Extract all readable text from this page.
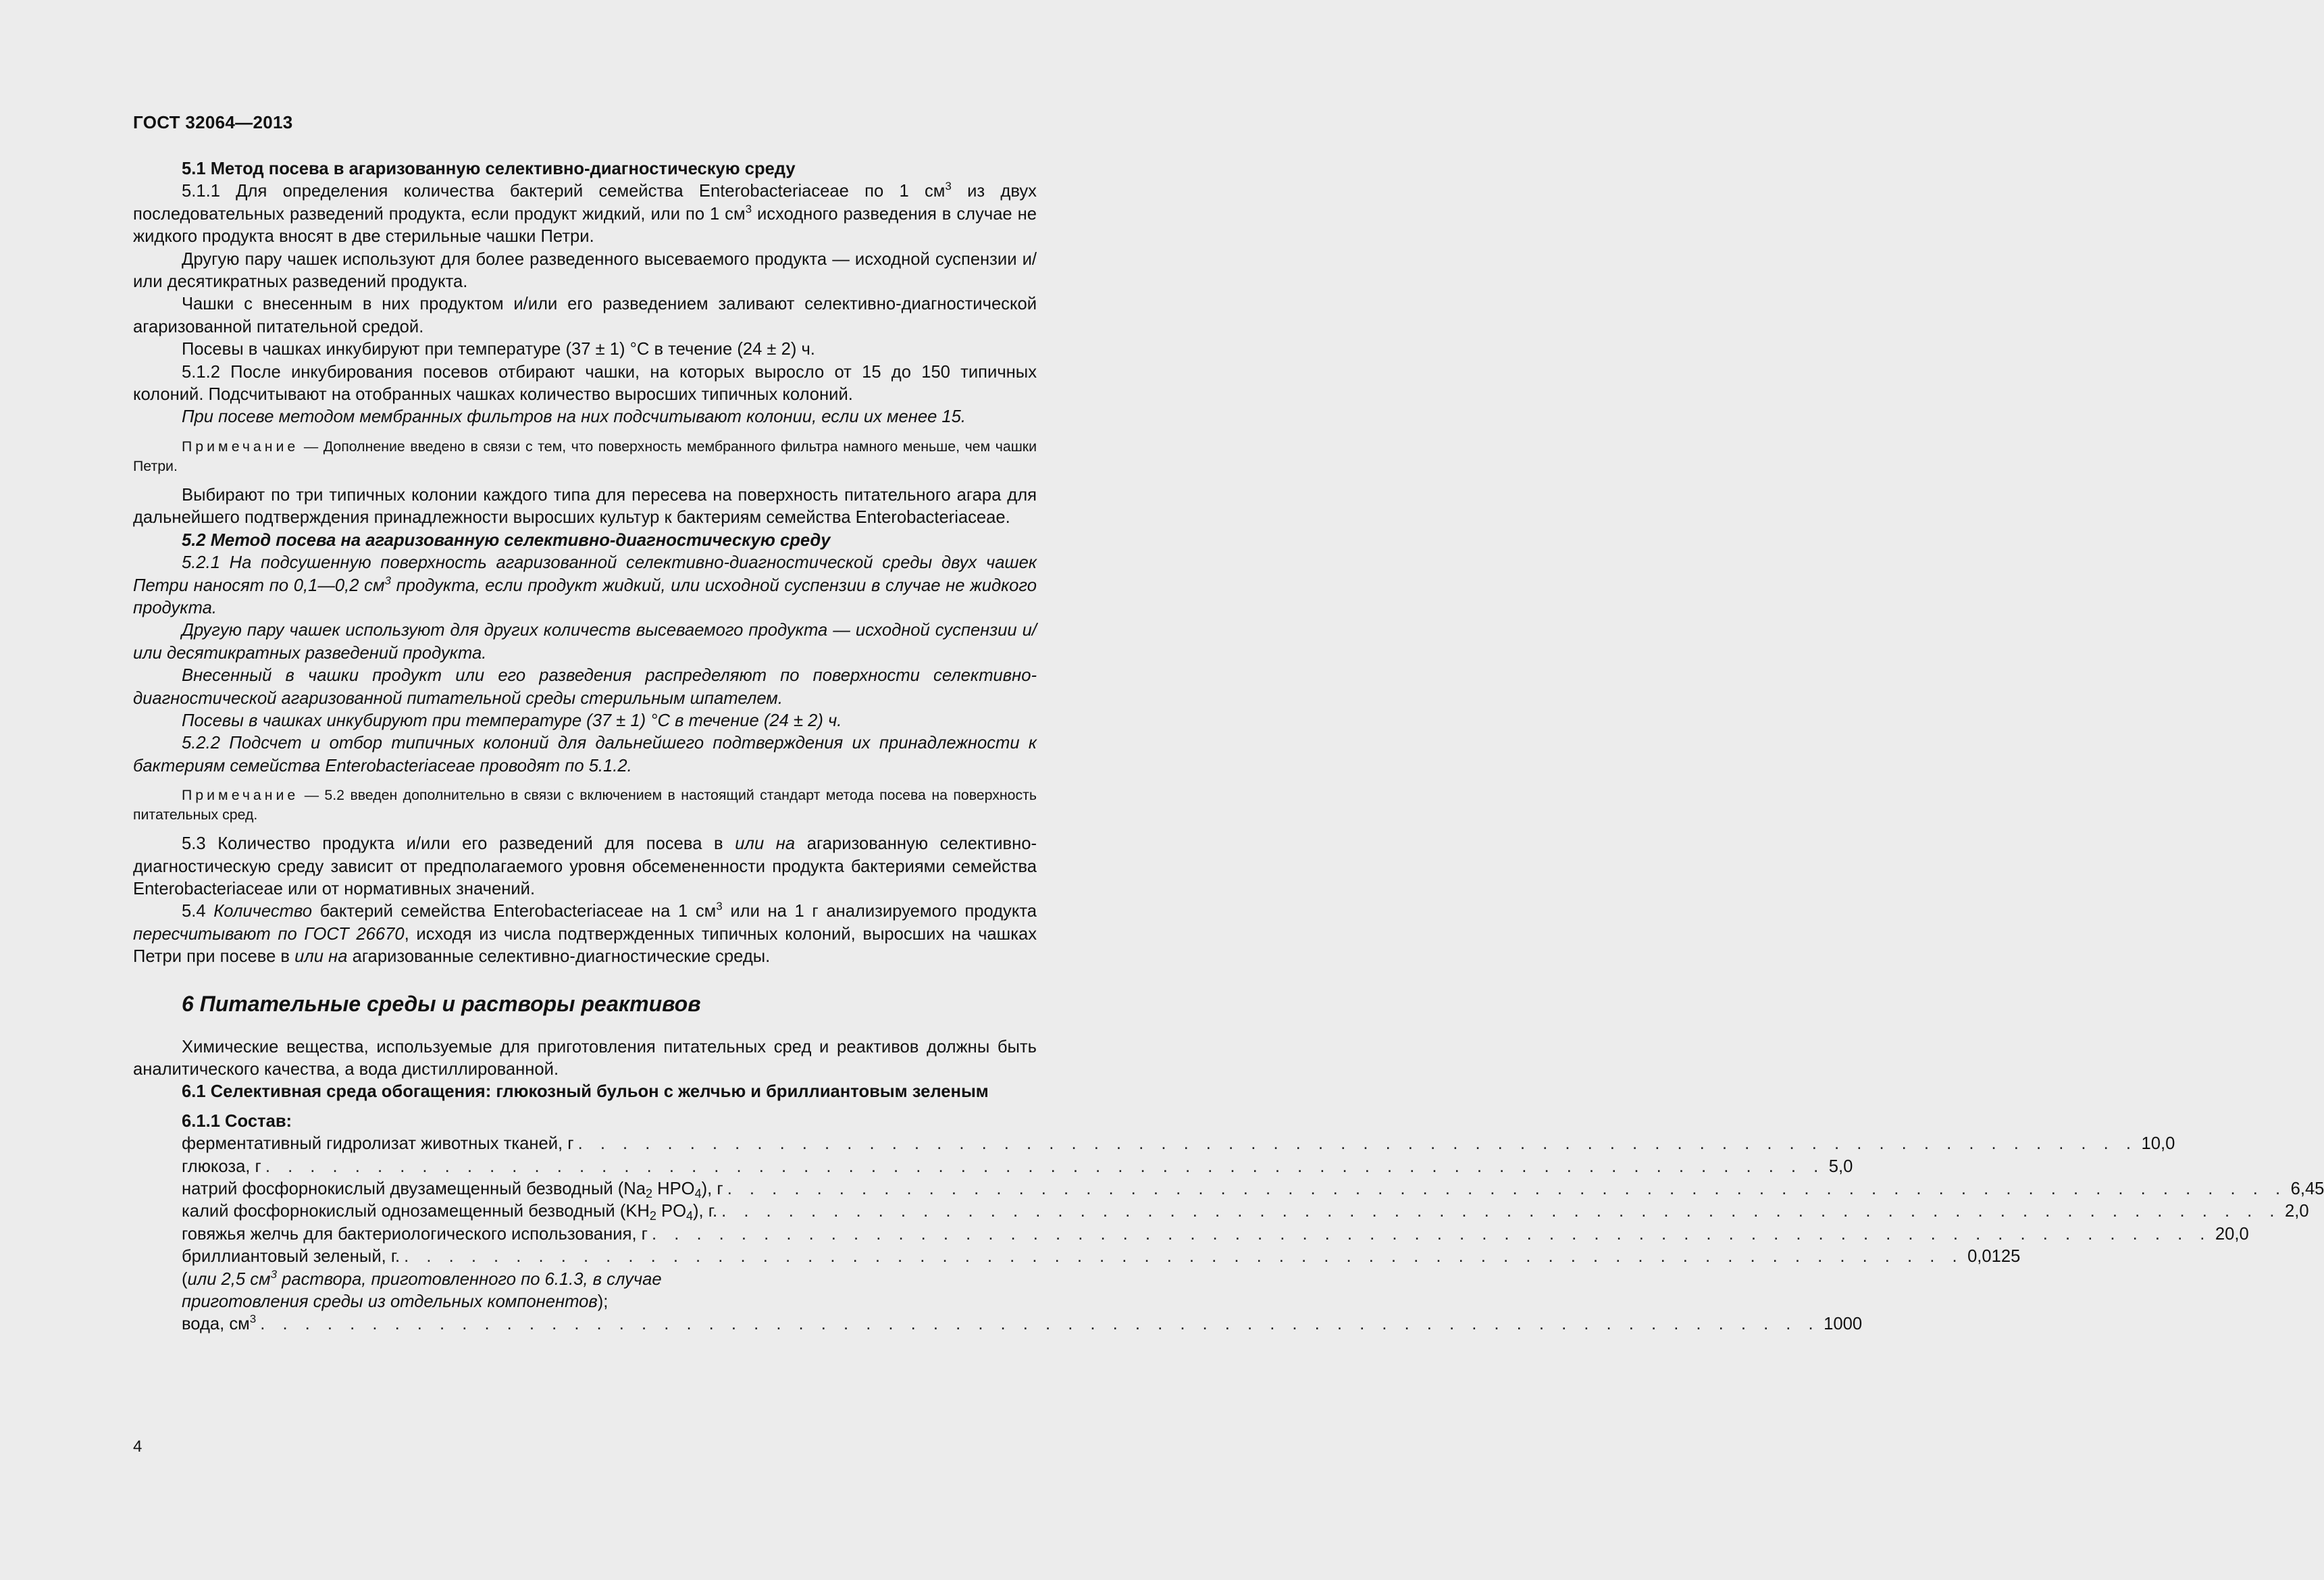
ГОСТ 32064—2013

5.1 Метод посева в агаризованную селективно-диагностическую среду

5.1.1 Для определения количества бактерий семейства Enterobacteriaceae по 1 $см^3$ из двух последовательных разведений продукта, если продукт жидкий, или по 1 $см^3$ исходного разведения в случае не жидкого продукта вносят в две стерильные чашки Петри.

Другую пару чашек используют для более разведенного высеваемого продукта — исходной суспензии и/или десятикратных разведений продукта.

Чашки с внесенным в них продуктом и/или его разведением заливают селективно-диагностической агаризованной питательной средой.

Посевы в чашках инкубируют при температуре (37 ± 1) °С в течение (24 ± 2) ч.

5.1.2 После инкубирования посевов отбирают чашки, на которых выросло от 15 до 150 типичных колоний. Подсчитывают на отобранных чашках количество выросших типичных колоний.

При посеве методом мембранных фильтров на них подсчитывают колонии, если их менее 15.

Примечание — Дополнение введено в связи с тем, что поверхность мембранного фильтра намного меньше, чем чашки Петри.

Выбирают по три типичных колонии каждого типа для пересева на поверхность питательного агара для дальнейшего подтверждения принадлежности выросших культур к бактериям семейства Enterobacteriaceae.

5.2 Метод посева на агаризованную селективно-диагностическую среду

5.2.1 На подсушенную поверхность агаризованной селективно-диагностической среды двух чашек Петри наносят по 0,1—0,2 $см^3$ продукта, если продукт жидкий, или исходной суспензии в случае не жидкого продукта.

Другую пару чашек используют для других количеств высеваемого продукта — исходной суспензии и/или десятикратных разведений продукта.

Внесенный в чашки продукт или его разведения распределяют по поверхности селективно-диагностической агаризованной питательной среды стерильным шпателем.

Посевы в чашках инкубируют при температуре (37 ± 1) °С в течение (24 ± 2) ч.

5.2.2 Подсчет и отбор типичных колоний для дальнейшего подтверждения их принадлежности к бактериям семейства Enterobacteriaceae проводят по 5.1.2.

Примечание — 5.2 введен дополнительно в связи с включением в настоящий стандарт метода посева на поверхность питательных сред.

5.3 Количество продукта и/или его разведений для посева в или на агаризованную селективно-диагностическую среду зависит от предполагаемого уровня обсемененности продукта бактериями семейства Enterobacteriaceae или от нормативных значений.

5.4 Количество бактерий семейства Enterobacteriaceae на 1 $см^3$ или на 1 г анализируемого продукта пересчитывают по ГОСТ 26670, исходя из числа подтвержденных типичных колоний, выросших на чашках Петри при посеве в или на агаризованные селективно-диагностические среды.

6 Питательные среды и растворы реактивов

Химические вещества, используемые для приготовления питательных сред и реактивов должны быть аналитического качества, а вода дистиллированной.

6.1 Селективная среда обогащения: глюкозный бульон с желчью и бриллиантовым зеленым

6.1.1 Состав:

ферментативный гидролизат животных тканей, г . . . . . . . . . . . . . . . . . . . . . . . . . . . . . . . . . . . . . . . . . . . . . . . . . . . . . . . . . . . . . . . . . . . . . . 10,0
глюкоза, г . . . . . . . . . . . . . . . . . . . . . . . . . . . . . . . . . . . . . . . . . . . . . . . . . . . . . . . . . . . . . . . . . . . . . . 5,0
натрий фосфорнокислый двузамещенный безводный ($Na_2$ $HPO_4$), г . . . . . . . . . . . . . . . . . . . . . . . . . . . . . . . . . . . . . . . . . . . . . . . . . . . . . . . . . . . . . . . . . . . . . . 6,45
калий фосфорнокислый однозамещенный безводный ($KH_2$ $PO_4$), г. . . . . . . . . . . . . . . . . . . . . . . . . . . . . . . . . . . . . . . . . . . . . . . . . . . . . . . . . . . . . . . . . . . . . . . 2,0
говяжья желчь для бактериологического использования, г . . . . . . . . . . . . . . . . . . . . . . . . . . . . . . . . . . . . . . . . . . . . . . . . . . . . . . . . . . . . . . . . . . . . . . 20,0
бриллиантовый зеленый, г. . . . . . . . . . . . . . . . . . . . . . . . . . . . . . . . . . . . . . . . . . . . . . . . . . . . . . . . . . . . . . . . . . . . . . . 0,0125

(или 2,5 $см^3$ раствора, приготовленного по 6.1.3, в случае

приготовления среды из отдельных компонентов);

вода, $см^3$ . . . . . . . . . . . . . . . . . . . . . . . . . . . . . . . . . . . . . . . . . . . . . . . . . . . . . . . . . . . . . . . . . . . . . . 1000
4
